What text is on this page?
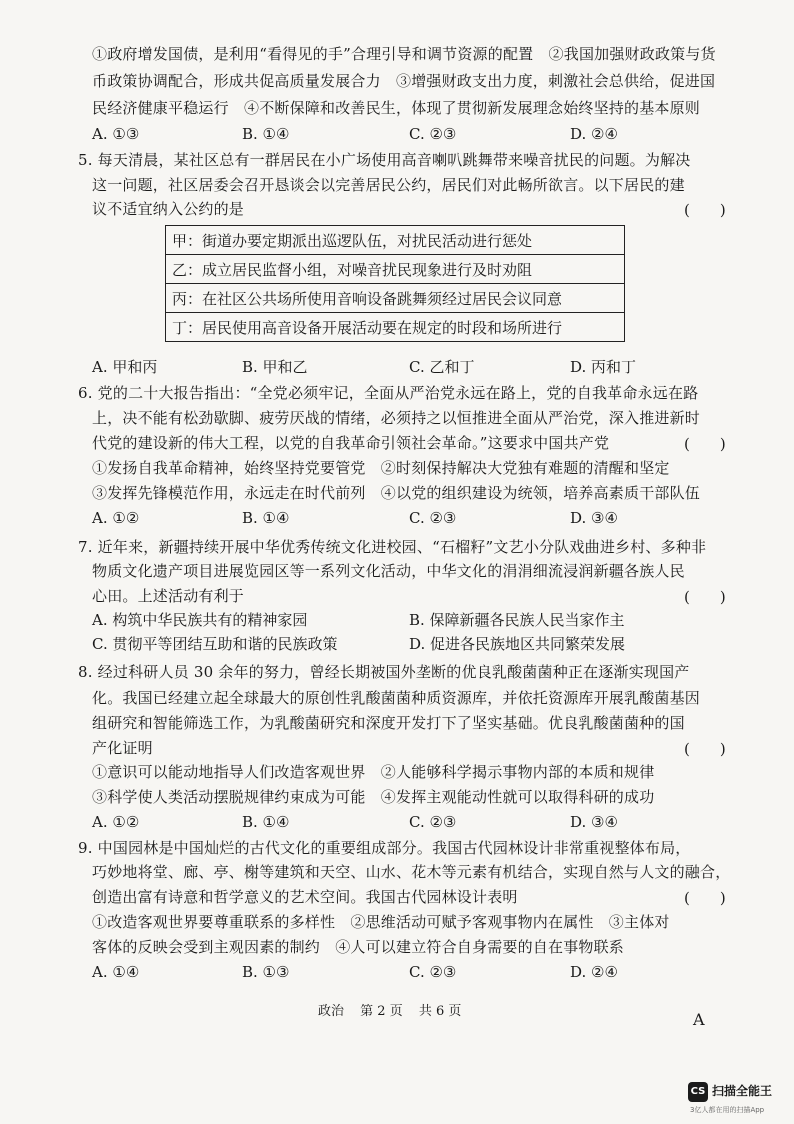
①政府增发国债，是利用“看得见的手”合理引导和调节资源的配置　②我国加强财政政策与货
币政策协调配合，形成共促高质量发展合力　③增强财政支出力度，刺激社会总供给，促进国
民经济健康平稳运行　④不断保障和改善民生，体现了贯彻新发展理念始终坚持的基本原则
A. ①③	B. ①④	C. ②③	D. ②④
5. 每天清晨，某社区总有一群居民在小广场使用高音喇叭跳舞带来噪音扰民的问题。为解决
这一问题，社区居委会召开恳谈会以完善居民公约，居民们对此畅所欲言。以下居民的建
议不适宜纳入公约的是	(　　)
甲：街道办要定期派出巡逻队伍，对扰民活动进行惩处
乙：成立居民监督小组，对噪音扰民现象进行及时劝阻
丙：在社区公共场所使用音响设备跳舞须经过居民会议同意
丁：居民使用高音设备开展活动要在规定的时段和场所进行
A. 甲和丙	B. 甲和乙	C. 乙和丁	D. 丙和丁
6. 党的二十大报告指出：“全党必须牢记，全面从严治党永远在路上，党的自我革命永远在路
上，决不能有松劲歇脚、疲劳厌战的情绪，必须持之以恒推进全面从严治党，深入推进新时
代党的建设新的伟大工程，以党的自我革命引领社会革命。”这要求中国共产党	(　　)
①发扬自我革命精神，始终坚持党要管党　②时刻保持解决大党独有难题的清醒和坚定
③发挥先锋模范作用，永远走在时代前列　④以党的组织建设为统领，培养高素质干部队伍
A. ①②	B. ①④	C. ②③	D. ③④
7. 近年来，新疆持续开展中华优秀传统文化进校园、“石榴籽”文艺小分队戏曲进乡村、多种非
物质文化遗产项目进展览园区等一系列文化活动，中华文化的涓涓细流浸润新疆各族人民
心田。上述活动有利于	(　　)
A. 构筑中华民族共有的精神家园	B. 保障新疆各民族人民当家作主
C. 贯彻平等团结互助和谐的民族政策	D. 促进各民族地区共同繁荣发展
8. 经过科研人员 30 余年的努力，曾经长期被国外垄断的优良乳酸菌菌种正在逐渐实现国产
化。我国已经建立起全球最大的原创性乳酸菌菌种质资源库，并依托资源库开展乳酸菌基因
组研究和智能筛选工作，为乳酸菌研究和深度开发打下了坚实基础。优良乳酸菌菌种的国
产化证明	(　　)
①意识可以能动地指导人们改造客观世界　②人能够科学揭示事物内部的本质和规律
③科学使人类活动摆脱规律约束成为可能　④发挥主观能动性就可以取得科研的成功
A. ①②	B. ①④	C. ②③	D. ③④
9. 中国园林是中国灿烂的古代文化的重要组成部分。我国古代园林设计非常重视整体布局，
巧妙地将堂、廊、亭、榭等建筑和天空、山水、花木等元素有机结合，实现自然与人文的融合，
创造出富有诗意和哲学意义的艺术空间。我国古代园林设计表明	(　　)
①改造客观世界要尊重联系的多样性　②思维活动可赋予客观事物内在属性　③主体对
客体的反映会受到主观因素的制约　④人可以建立符合自身需要的自在事物联系
A. ①④	B. ①③	C. ②③	D. ②④
政治 第 2 页 共 6 页	A
CS 扫描全能王
3亿人都在用的扫描App
